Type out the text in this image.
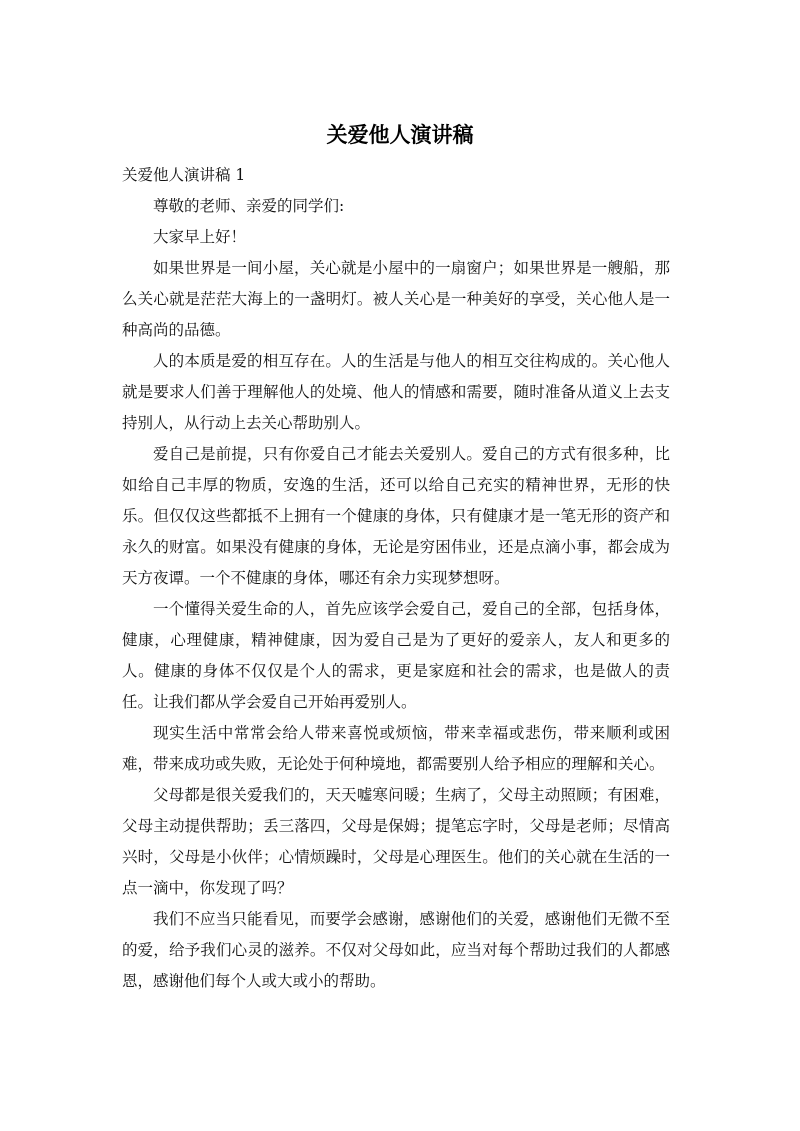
关爱他人演讲稿

关爱他人演讲稿 1

尊敬的老师、亲爱的同学们:

大家早上好！

如果世界是一间小屋，关心就是小屋中的一扇窗户；如果世界是一艘船，那么关心就是茫茫大海上的一盏明灯。被人关心是一种美好的享受，关心他人是一种高尚的品德。

人的本质是爱的相互存在。人的生活是与他人的相互交往构成的。关心他人就是要求人们善于理解他人的处境、他人的情感和需要，随时准备从道义上去支持别人，从行动上去关心帮助别人。

爱自己是前提，只有你爱自己才能去关爱别人。爱自己的方式有很多种，比如给自己丰厚的物质，安逸的生活，还可以给自己充实的精神世界，无形的快乐。但仅仅这些都抵不上拥有一个健康的身体，只有健康才是一笔无形的资产和永久的财富。如果没有健康的身体，无论是穷困伟业，还是点滴小事，都会成为天方夜谭。一个不健康的身体，哪还有余力实现梦想呀。

一个懂得关爱生命的人，首先应该学会爱自己，爱自己的全部，包括身体，健康，心理健康，精神健康，因为爱自己是为了更好的爱亲人，友人和更多的人。健康的身体不仅仅是个人的需求，更是家庭和社会的需求，也是做人的责任。让我们都从学会爱自己开始再爱别人。

现实生活中常常会给人带来喜悦或烦恼，带来幸福或悲伤，带来顺利或困难，带来成功或失败，无论处于何种境地，都需要别人给予相应的理解和关心。

父母都是很关爱我们的，天天嘘寒问暖；生病了，父母主动照顾；有困难，父母主动提供帮助；丢三落四，父母是保姆；提笔忘字时，父母是老师；尽情高兴时，父母是小伙伴；心情烦躁时，父母是心理医生。他们的关心就在生活的一点一滴中，你发现了吗？

我们不应当只能看见，而要学会感谢，感谢他们的关爱，感谢他们无微不至的爱，给予我们心灵的滋养。不仅对父母如此，应当对每个帮助过我们的人都感恩，感谢他们每个人或大或小的帮助。
